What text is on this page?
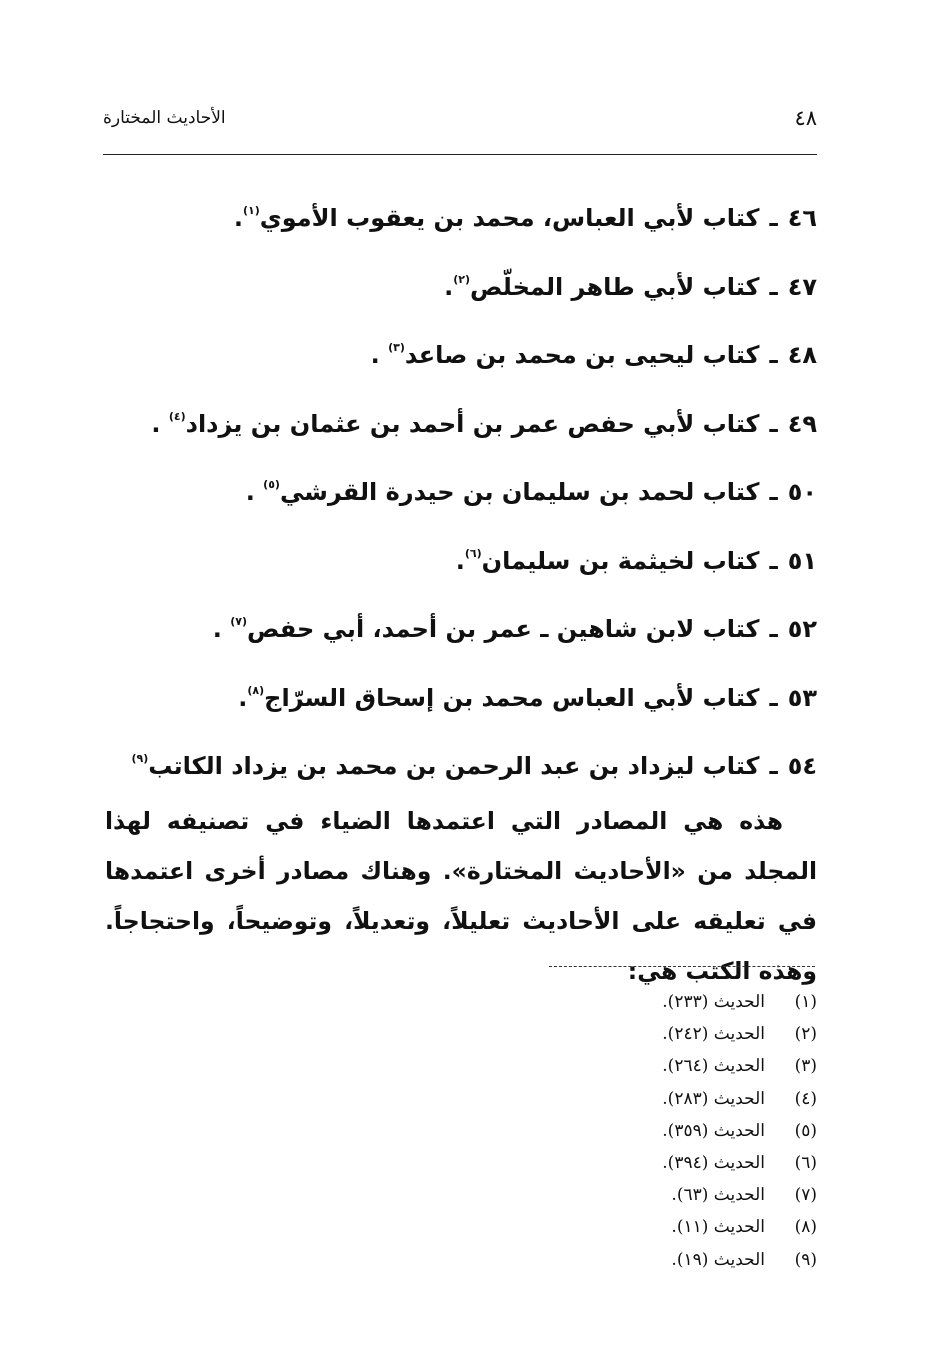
٤٨
الأحاديث المختارة
٤٦ـكتاب لأبي العباس، محمد بن يعقوب الأموي$^{(١)}$.
٤٧ـكتاب لأبي طاهر المخلّص$^{(٢)}$.
٤٨ـكتاب ليحيى بن محمد بن صاعد$^{(٣)}$ .
٤٩ـكتاب لأبي حفص عمر بن أحمد بن عثمان بن يزداد$^{(٤)}$ .
٥٠ـكتاب لحمد بن سليمان بن حيدرة القرشي$^{(٥)}$ .
٥١ـكتاب لخيثمة بن سليمان$^{(٦)}$.
٥٢ـكتاب لابن شاهين ـ عمر بن أحمد، أبي حفص$^{(٧)}$ .
٥٣ـكتاب لأبي العباس محمد بن إسحاق السرّاج$^{(٨)}$.
٥٤ـكتاب ليزداد بن عبد الرحمن بن محمد بن يزداد الكاتب$^{(٩)}$

هذه هي المصادر التي اعتمدها الضياء في تصنيفه لهذا المجلد من «الأحاديث المختارة». وهناك مصادر أخرى اعتمدها في تعليقه على الأحاديث تعليلاً، وتعديلاً، وتوضيحاً، واحتجاجاً. وهذه الكتب هي:

(١)الحديث (٢٣٣).
(٢)الحديث (٢٤٢).
(٣)الحديث (٢٦٤).
(٤)الحديث (٢٨٣).
(٥)الحديث (٣٥٩).
(٦)الحديث (٣٩٤).
(٧)الحديث (٦٣).
(٨)الحديث (١١).
(٩)الحديث (١٩).
